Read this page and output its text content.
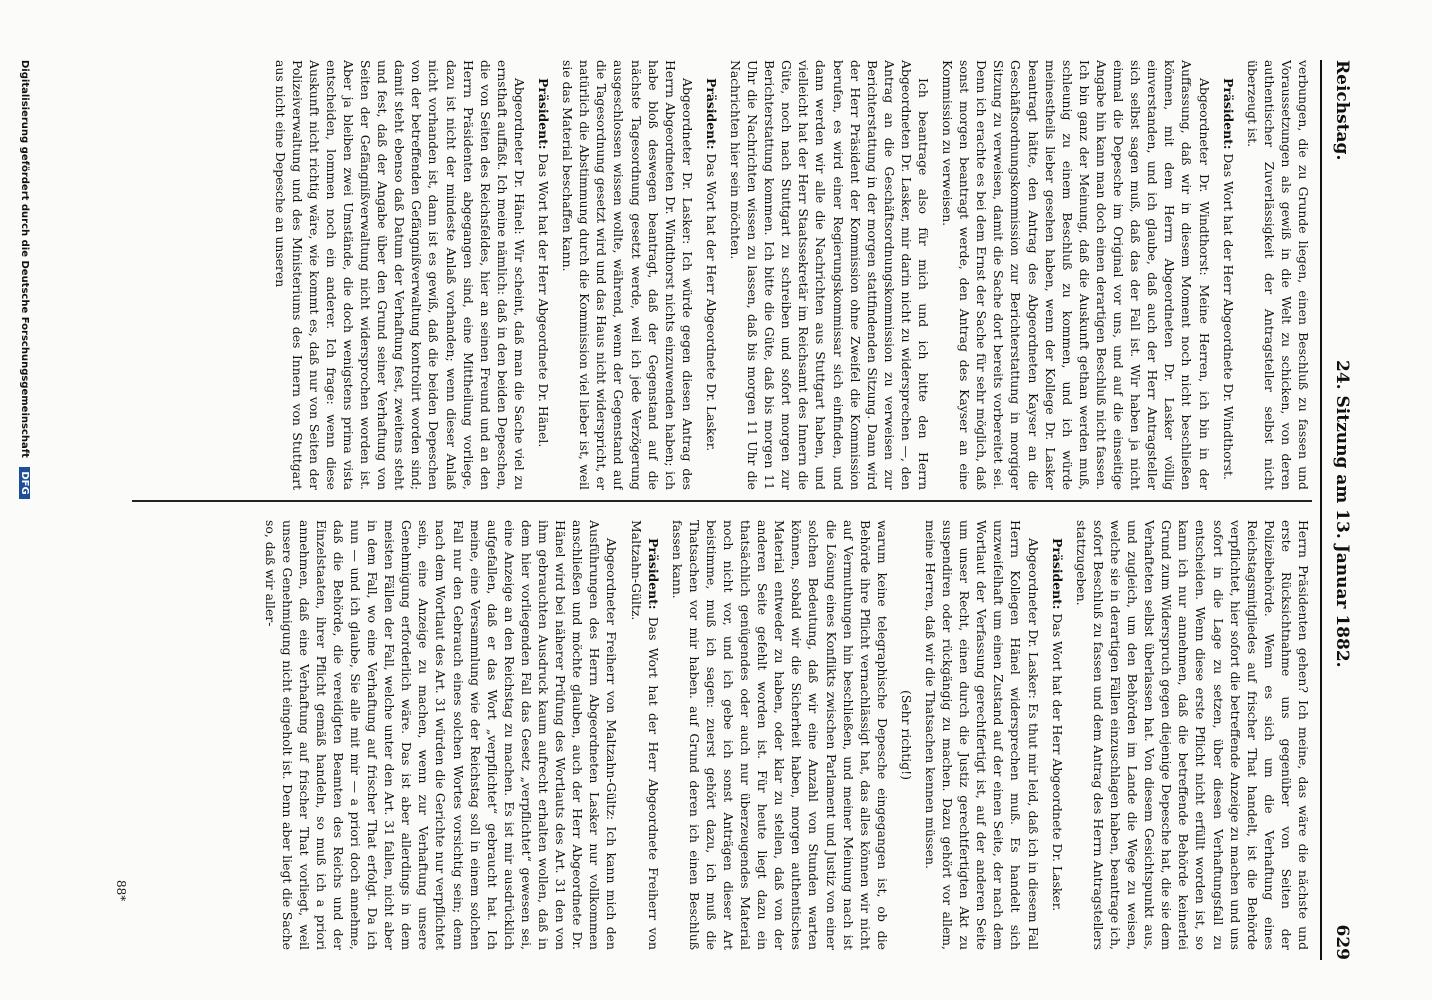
Reichstag.
24. Sitzung am 13. Januar 1882.
629

verbungen, die zu Grunde liegen, einen Beschluß zu fassen und Voraussetzungen als gewiß in die Welt zu schicken, von deren authentischer Zuverlässigkeit der Antragsteller selbst nicht überzeugt ist.

Präsident: Das Wort hat der Herr Abgeordnete Dr. Windthorst.

Abgeordneter Dr. Windthorst: Meine Herren, ich bin in der Auffassung, daß wir in diesem Moment noch nicht beschließen können, mit dem Herrn Abgeordneten Dr. Lasker völlig einverstanden, und ich glaube, daß auch der Herr Antragsteller sich selbst sagen muß, daß das der Fall ist. Wir haben ja nicht einmal die Depesche im Original vor uns, und auf die einseitige Angabe hin kann man doch einen derartigen Beschluß nicht fassen. Ich bin ganz der Meinung, daß die Auskunft gethan werden muß, schleunig zu einem Beschluß zu kommen, und ich würde meinestheils lieber gesehen haben, wenn der Kollege Dr. Lasker beantragt hätte, den Antrag des Abgeordneten Kayser an die Geschäftsordnungskommission zur Berichterstattung in morgiger Sitzung zu verweisen, damit die Sache dort bereits vorbereitet sei. Denn ich erachte es bei dem Ernst der Sache für sehr möglich, daß sonst morgen beantragt werde, den Antrag des Kayser an eine Kommission zu verweisen.

Ich beantrage also für mich und ich bitte den Herrn Abgeordneten Dr. Lasker, mir darin nicht zu widersprechen —, den Antrag an die Geschäftsordnungskommission zu verweisen zur Berichterstattung in der morgen stattfindenden Sitzung. Dann wird der Herr Präsident der Kommission ohne Zweifel die Kommission berufen, es wird einer Regierungskommissar sich einfinden, und dann werden wir alle die Nachrichten aus Stuttgart haben, und vielleicht hat der Herr Staatssekretär im Reichsamt des Innern die Güte, noch nach Stuttgart zu schreiben und sofort morgen zur Berichterstattung kommen. Ich bitte die Güte, daß bis morgen 11 Uhr die Nachrichten wissen zu lassen, daß bis morgen 11 Uhr die Nachrichten hier sein möchten.

Präsident: Das Wort hat der Herr Abgeordnete Dr. Lasker.

Abgeordneter Dr. Lasker: Ich würde gegen diesen Antrag des Herrn Abgeordneten Dr. Windthorst nichts einzuwenden haben; ich habe bloß deswegen beantragt, daß der Gegenstand auf die nächste Tagesordnung gesetzt werde, weil ich jede Verzögerung ausgeschlossen wissen wollte, während, wenn der Gegenstand auf die Tagesordnung gesetzt wird und das Haus nicht widerspricht, er natürlich die Abstimmung durch die Kommission viel lieber ist, weil sie das Material beschaffen kann.

Präsident: Das Wort hat der Herr Abgeordnete Dr. Hänel.

Abgeordneter Dr. Hänel: Wir scheint, daß man die Sache viel zu ernsthaft auffaßt. Ich meine nämlich: daß in den beiden Depeschen, die von Seiten des Reichsfeldes, hier an seinen Freund und an den Herrn Präsidenten abgegangen sind, eine Mittheilung vorliege, dazu ist nicht der mindeste Anlaß vorhanden; wenn dieser Anlaß nicht vorhanden ist, dann ist es gewiß, daß die beiden Depeschen von der betreffenden Gefängnißverwaltung kontrolirt worden sind; damit steht ebenso daß Datum der Verhaftung fest, zweitens steht und fest, daß der Angabe über den Grund seiner Verhaftung von Seiten der Gefängnißverwaltung nicht widersprochen worden ist. Aber ja bleiben zwei Umstände, die doch wenigstens prima vista entscheiden, lommen noch ein anderer. Ich frage: wenn diese Auskunft nicht richtig wäre, wie kommt es, daß nur von Seiten der Polizeiverwaltung und des Ministeriums des Innern von Stuttgart aus nicht eine Depesche an unseren

Herrn Präsidenten gehen? Ich meine, das wäre die nächste und erste Rücksichtnahme uns gegenüber von Seiten der Polizeibehörde. Wenn es sich um die Verhaftung eines Reichstagsmitgliedes auf frischer That handelt, ist die Behörde verpflichtet, hier sofort die betreffende Anzeige zu machen und uns sofort in die Lage zu setzen, über diesen Verhaftungsfall zu entscheiden. Wenn diese erste Pflicht nicht erfüllt worden ist, so kann ich nur annehmen, daß die betreffende Behörde keinerlei Grund zum Widerspruch gegen diejenige Depesche hat, die sie dem Verhafteten selbst überlassen hat. Von diesem Gesichtspunkt aus, und zugleich, um den Behörden im Lande die Wege zu weisen, welche sie in derartigen Fällen einzuschlagen haben, beantrage ich, sofort Beschluß zu fassen und dem Antrag des Herrn Antragstellers stattzugeben.

Präsident: Das Wort hat der Herr Abgeordnete Dr. Lasker.

Abgeordneter Dr. Lasker: Es thut mir leid, daß ich in diesem Fall Herrn Kollegen Hänel widersprechen muß. Es handelt sich unzweifelhaft um einen Zustand auf der einen Seite, der nach dem Wortlaut der Verfassung gerechtfertigt ist, auf der anderen Seite um unser Recht, einen durch die Justiz gerechtfertigten Akt zu suspendiren oder rückgängig zu machen. Dazu gehört vor allem, meine Herren, daß wir die Thatsachen kennen müssen.

(Sehr richtig!)

warum keine telegraphische Depesche eingegangen ist, ob die Behörde ihre Pflicht vernachlässigt hat, das alles können wir nicht auf Vermuthungen hin beschließen, und meiner Meinung nach ist die Lösung eines Konflikts zwischen Parlament und Justiz von einer solchen Bedeutung, daß wir eine Anzahl von Stunden warten können, sobald wir die Sicherheit haben, morgen authentisches Material entweder zu haben, oder klar zu stellen, daß von der anderen Seite gefehlt worden ist. Für heute liegt dazu ein thatsächlich genügendes oder auch nur überzeugendes Material noch nicht vor, und ich gebe ich sonst Anträgen dieser Art beistimme, muß ich sagen: zuerst gehört dazu, ich muß die Thatsachen vor mir haben. auf Grund deren ich einen Beschluß fassen kann.

Präsident: Das Wort hat der Herr Abgeordnete Freiherr von Maltzahn-Gültz.

Abgeordneter Freiherr von Maltzahn-Gültz: Ich kann mich den Ausführungen des Herrn Abgeordneten Lasker nur vollkommen anschließen und möchte glauben, auch der Herr Abgeordnete Dr. Hänel wird bei näherer Prüfung des Wortlauts des Art. 31 den von ihm gebrauchten Ausdruck kaum aufrecht erhalten wollen, daß in dem hier vorliegenden Fall das Gesetz „verpflichtet“ gewesen sei, eine Anzeige an den Reichstag zu machen. Es ist mir ausdrücklich aufgefallen, daß er das Wort „verpflichtet“ gebraucht hat. Ich meine, eine Versammlung wie der Reichstag soll in einem solchen Fall nur den Gebrauch eines solchen Wortes vorsichtig sein; denn nach dem Wortlaut des Art. 31 würden die Gerichte nur verpflichtet sein, eine Anzeige zu machen, wenn zur Verhaftung unsere Genehmigung erforderlich wäre. Das ist aber allerdings in dem meisten Fällen der Fall, welche unter den Art. 31 fallen, nicht aber in dem Fall, wo eine Verhaftung auf frischer That erfolgt. Da ich nun — und ich glaube, Sie alle mit mir — a priori doch annehme, daß die Behörde, die vereidigten Beamten des Reichs und der Einzelstaaten, ihrer Pflicht gemäß handeln, so muß ich a priori annehmen, daß eine Verhaftung auf frischer That vorliegt, weil unsere Genehmigung nicht eingeholt ist. Denn aber liegt die Sache so, daß wir aller-

88*
Digitalisierung gefördert durch die Deutsche Forschungsgemeinschaft DFG
